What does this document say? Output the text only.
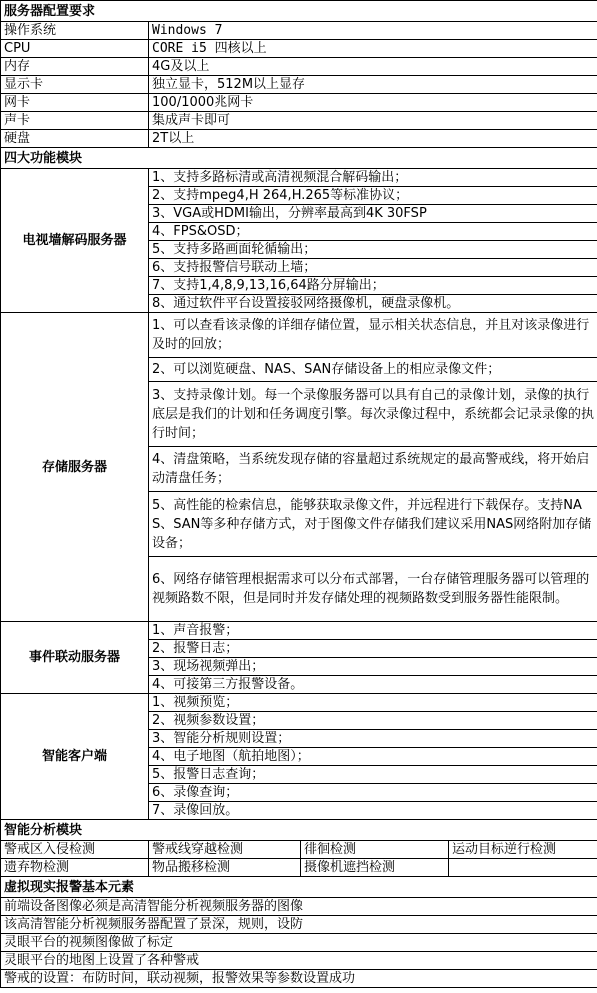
服务器配置要求			
操作系统	Windows 7		
CPU	CORE i5 四核以上		
内存	4G及以上		
显示卡	独立显卡，512M以上显存		
网卡	100/1000兆网卡		
声卡	集成声卡即可		
硬盘	2T以上		
四大功能模块			
电视墙解码服务器	1、支持多路标清或高清视频混合解码输出；		
	2、支持mpeg4,H 264,H.265等标准协议；		
	3、VGA或HDMI输出，分辨率最高到4K 30FSP		
	4、FPS&OSD；		
	5、支持多路画面轮循输出；		
	6、支持报警信号联动上墙；		
	7、支持1,4,8,9,13,16,64路分屏输出；		
	8、通过软件平台设置接驳网络摄像机，硬盘录像机。		
存储服务器	1、可以查看该录像的详细存储位置，显示相关状态信息，并且对该录像进行及时的回放；		
	2、可以浏览硬盘、NAS、SAN存储设备上的相应录像文件；		
	3、支持录像计划。每一个录像服务器可以具有自己的录像计划，录像的执行底层是我们的计划和任务调度引擎。每次录像过程中，系统都会记录录像的执行时间；		
	4、清盘策略，当系统发现存储的容量超过系统规定的最高警戒线，将开始启动清盘任务；		
	5、高性能的检索信息，能够获取录像文件，并远程进行下载保存。支持NAS、SAN等多种存储方式，对于图像文件存储我们建议采用NAS网络附加存储设备；		
	6、网络存储管理根据需求可以分布式部署，一台存储管理服务器可以管理的视频路数不限，但是同时并发存储处理的视频路数受到服务器性能限制。		
事件联动服务器	1、声音报警；		
	2、报警日志；		
	3、现场视频弹出；		
	4、可接第三方报警设备。		
智能客户端	1、视频预览；		
	2、视频参数设置；		
	3、智能分析规则设置；		
	4、电子地图（航拍地图）；		
	5、报警日志查询；		
	6、录像查询；		
	7、录像回放。		
智能分析模块			
警戒区入侵检测	警戒线穿越检测	徘徊检测	运动目标逆行检测
遗弃物检测	物品搬移检测	摄像机遮挡检测	
虚拟现实报警基本元素			
前端设备图像必须是高清智能分析视频服务器的图像			
该高清智能分析视频服务器配置了景深，规则，设防			
灵眼平台的视频图像做了标定			
灵眼平台的地图上设置了各种警戒			
警戒的设置：布防时间，联动视频，报警效果等参数设置成功			
